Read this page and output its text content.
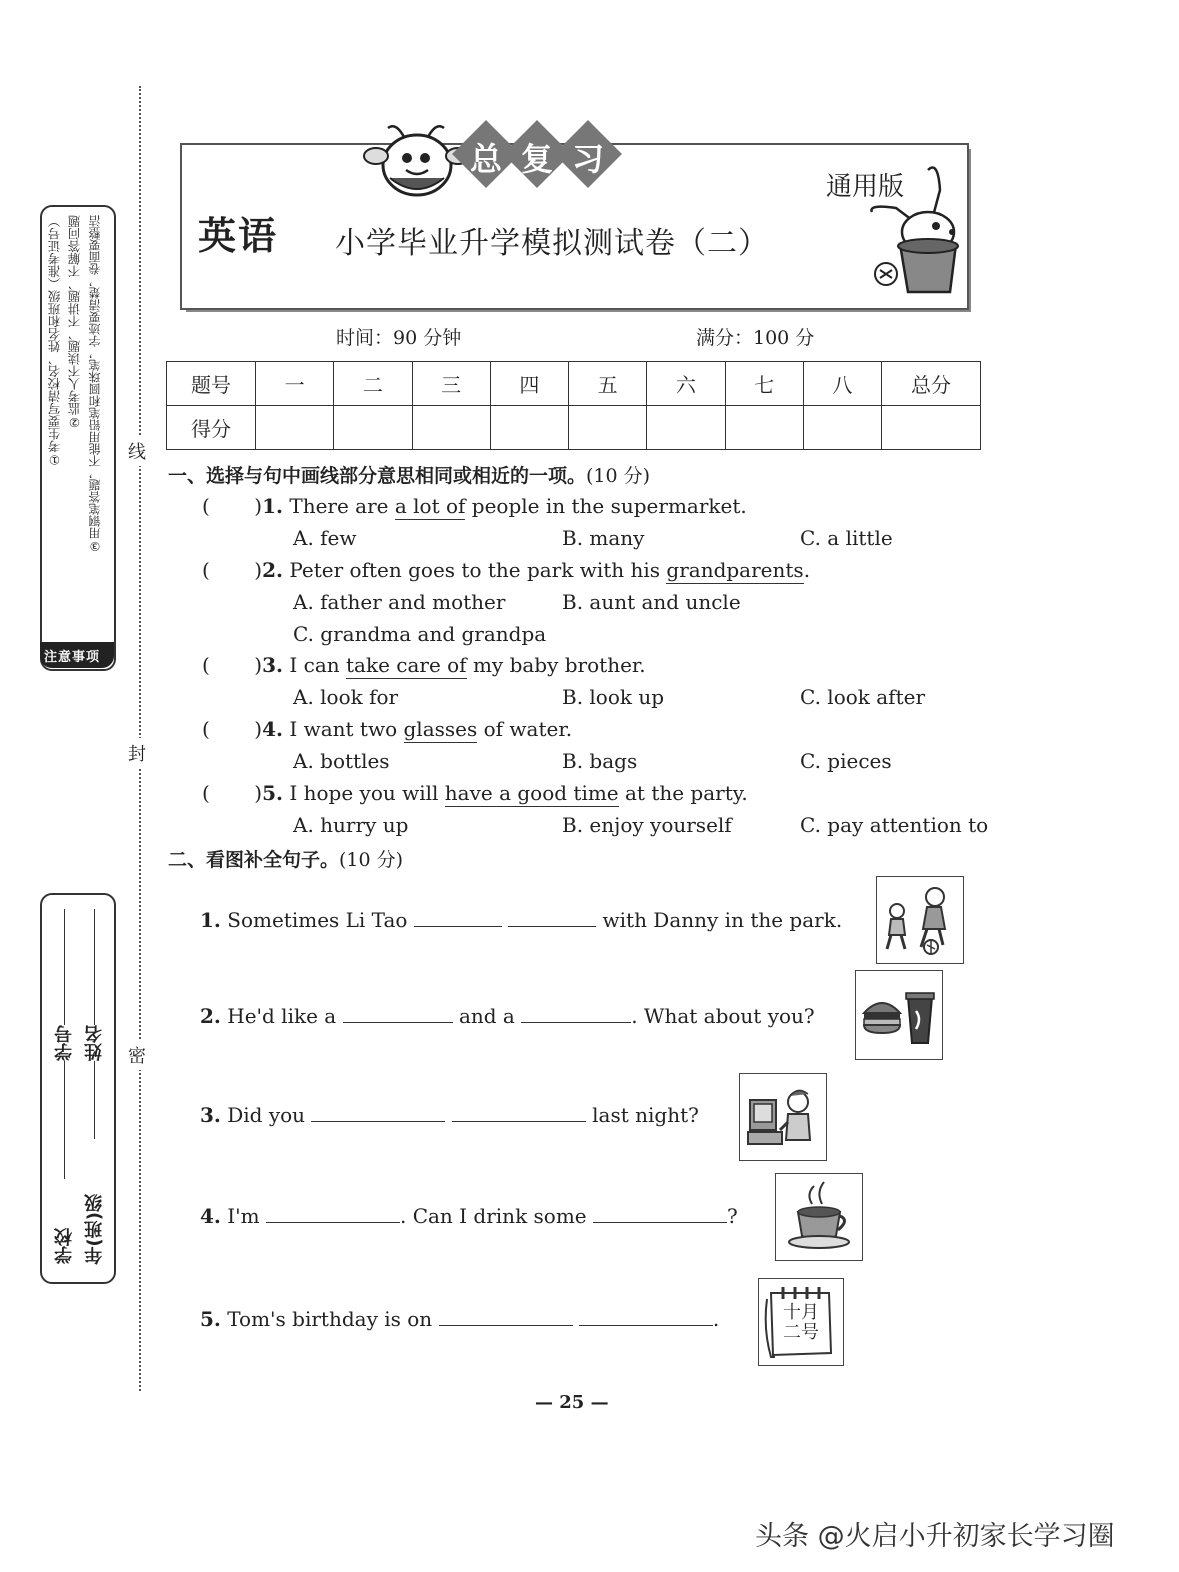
线
封
密
①考生要写清校名、姓名和班级（准考证号） ②监考人不读题、不讲题、不解答问题 ③用钢笔答题，不能用铅笔和圆珠笔，字迹要清楚，卷面要整洁
注意事项
学校 年(班)级
学号 姓名
总 复 习
英语 小学毕业升学模拟测试卷（二）
通用版
时间：90 分钟	满分：100 分
题号	一	二	三	四	五	六	七	八	总分
得分									
一、选择与句中画线部分意思相同或相近的一项。(10 分)
(       )1. There are a lot of people in the supermarket.
A. few	B. many	C. a little
(       )2. Peter often goes to the park with his grandparents.
A. father and mother	B. aunt and uncle
C. grandma and grandpa
(       )3. I can take care of my baby brother.
A. look for	B. look up	C. look after
(       )4. I want two glasses of water.
A. bottles	B. bags	C. pieces
(       )5. I hope you will have a good time at the party.
A. hurry up	B. enjoy yourself	C. pay attention to
二、看图补全句子。(10 分)
1. Sometimes Li Tao	with Danny in the park.
2. He'd like a	and a	. What about you?
3. Did you	last night?
4. I'm	. Can I drink some	?
5. Tom's birthday is on	.	十月
二号
— 25 —
头条 @火启小升初家长学习圈
